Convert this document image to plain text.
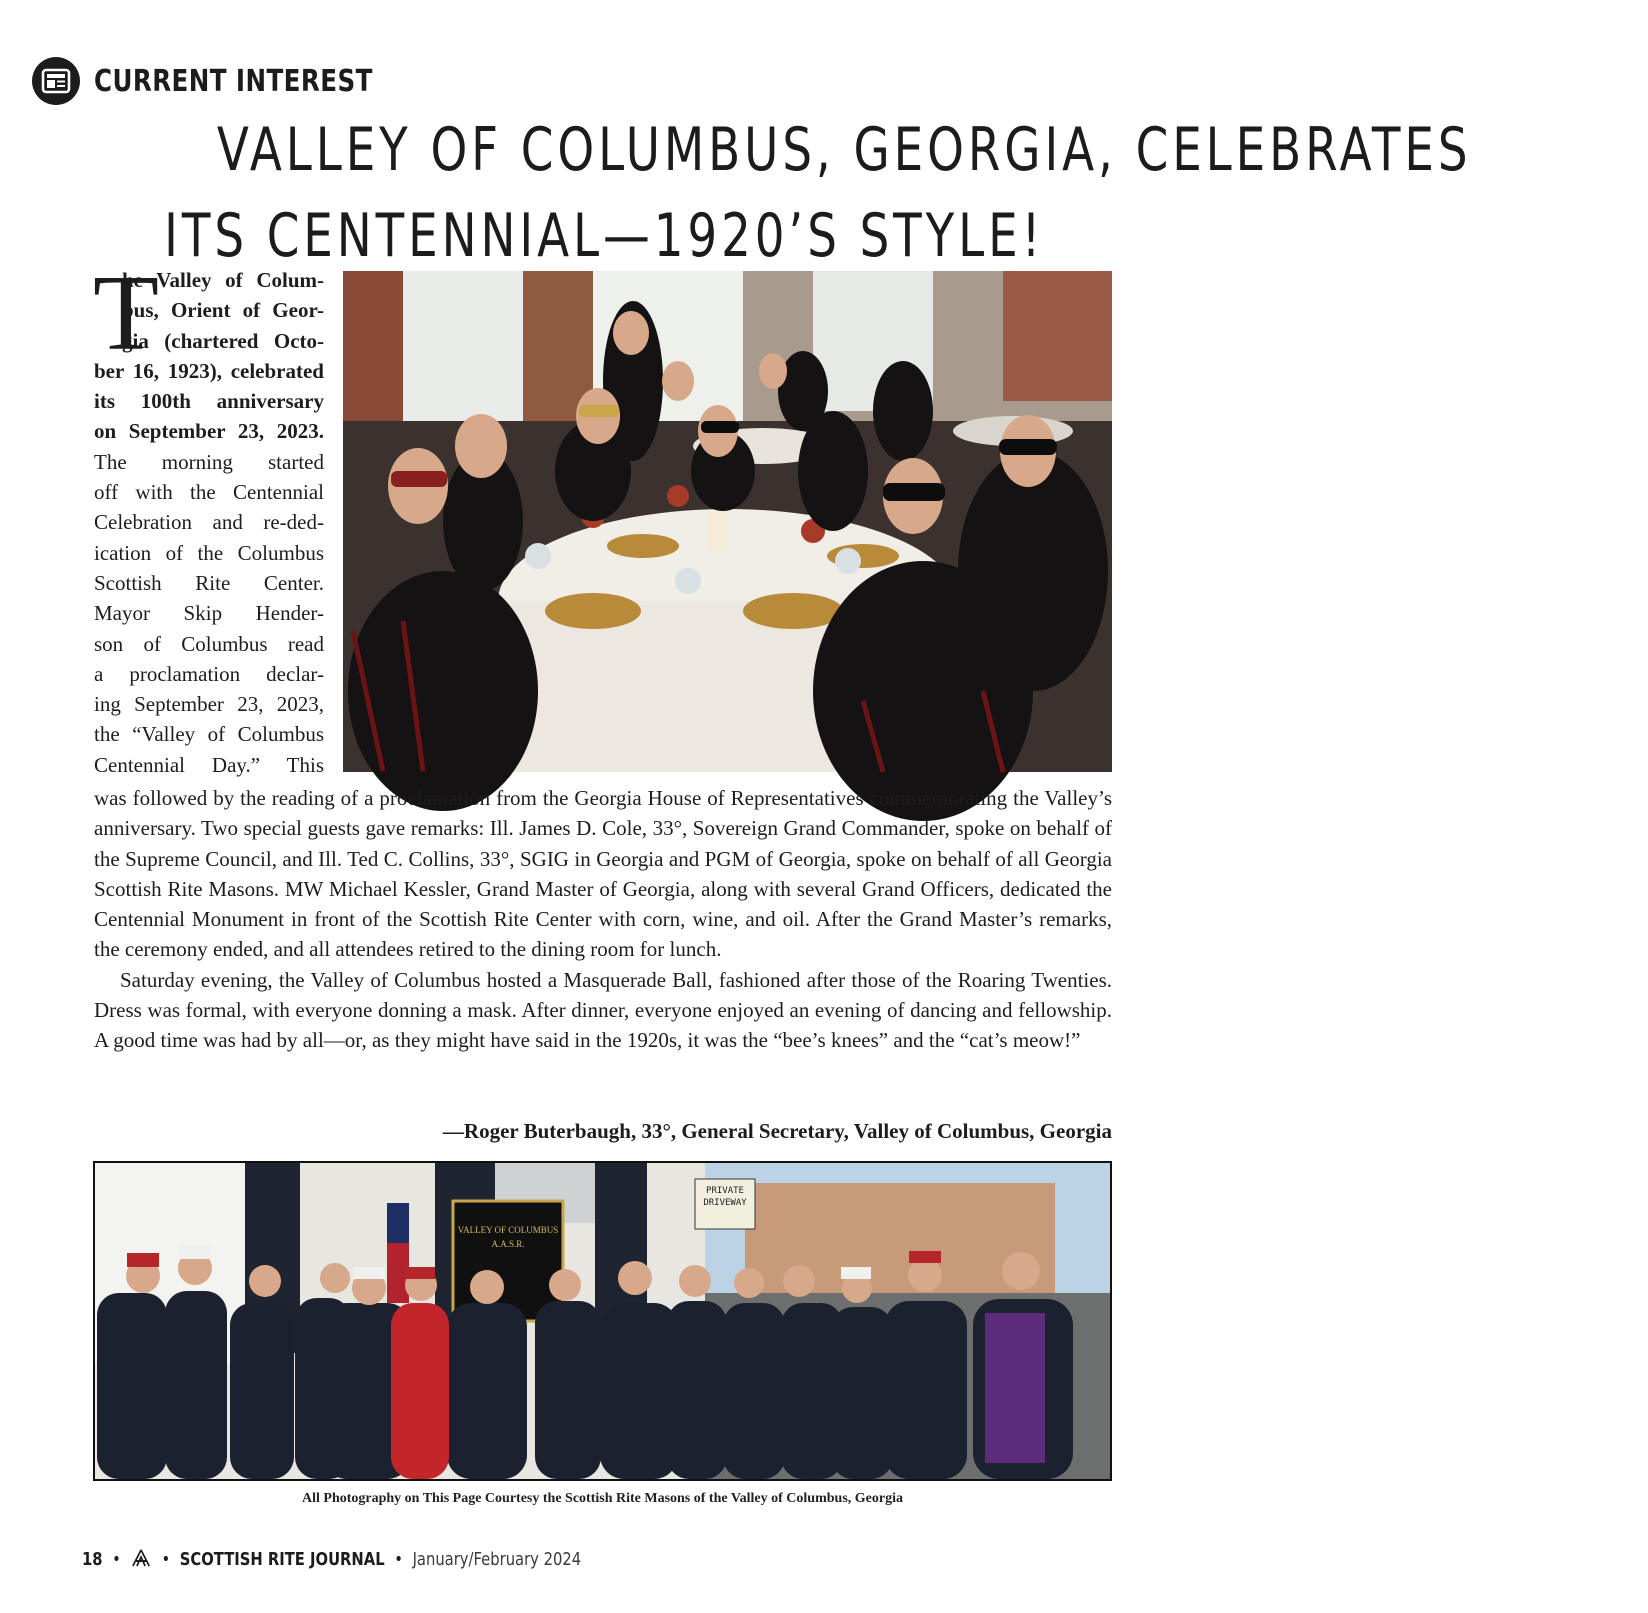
CURRENT INTEREST
VALLEY OF COLUMBUS, GEORGIA, CELEBRATES
ITS CENTENNIAL—1920’S STYLE!
T
he Valley of Colum-
bus, Orient of Geor-
gia (chartered Octo-
ber 16, 1923), celebrated
its 100th anniversary
on September 23, 2023.
The morning started
off with the Centennial
Celebration and re-ded-
ication of the Columbus
Scottish Rite Center.
Mayor Skip Hender-
son of Columbus read
a proclamation declar-
ing September 23, 2023,
the “Valley of Columbus
Centennial Day.” This

was followed by the reading of a proclamation from the Georgia House of Representatives commemorating the Valley’s anniversary. Two special guests gave remarks: Ill. James D. Cole, 33°, Sovereign Grand Commander, spoke on behalf of the Supreme Council, and Ill. Ted C. Collins, 33°, SGIG in Georgia and PGM of Georgia, spoke on behalf of all Georgia Scottish Rite Masons. MW Michael Kessler, Grand Master of Georgia, along with several Grand Officers, dedicated the Centennial Monument in front of the Scottish Rite Center with corn, wine, and oil. After the Grand Master’s remarks, the ceremony ended, and all attendees retired to the dining room for lunch.

Saturday evening, the Valley of Columbus hosted a Masquerade Ball, fashioned after those of the Roaring Twenties. Dress was formal, with everyone donning a mask. After dinner, everyone enjoyed an evening of dancing and fellowship. A good time was had by all—or, as they might have said in the 1920s, it was the “bee’s knees” and the “cat’s meow!”

—Roger Buterbaugh, 33°, General Secretary, Valley of Columbus, Georgia
PRIVATE
DRIVEWAY
VALLEY OF COLUMBUS
A.A.S.R.
All Photography on This Page Courtesy the Scottish Rite Masons of the Valley of Columbus, Georgia
18 • • SCOTTISH RITE JOURNAL • January/February 2024
